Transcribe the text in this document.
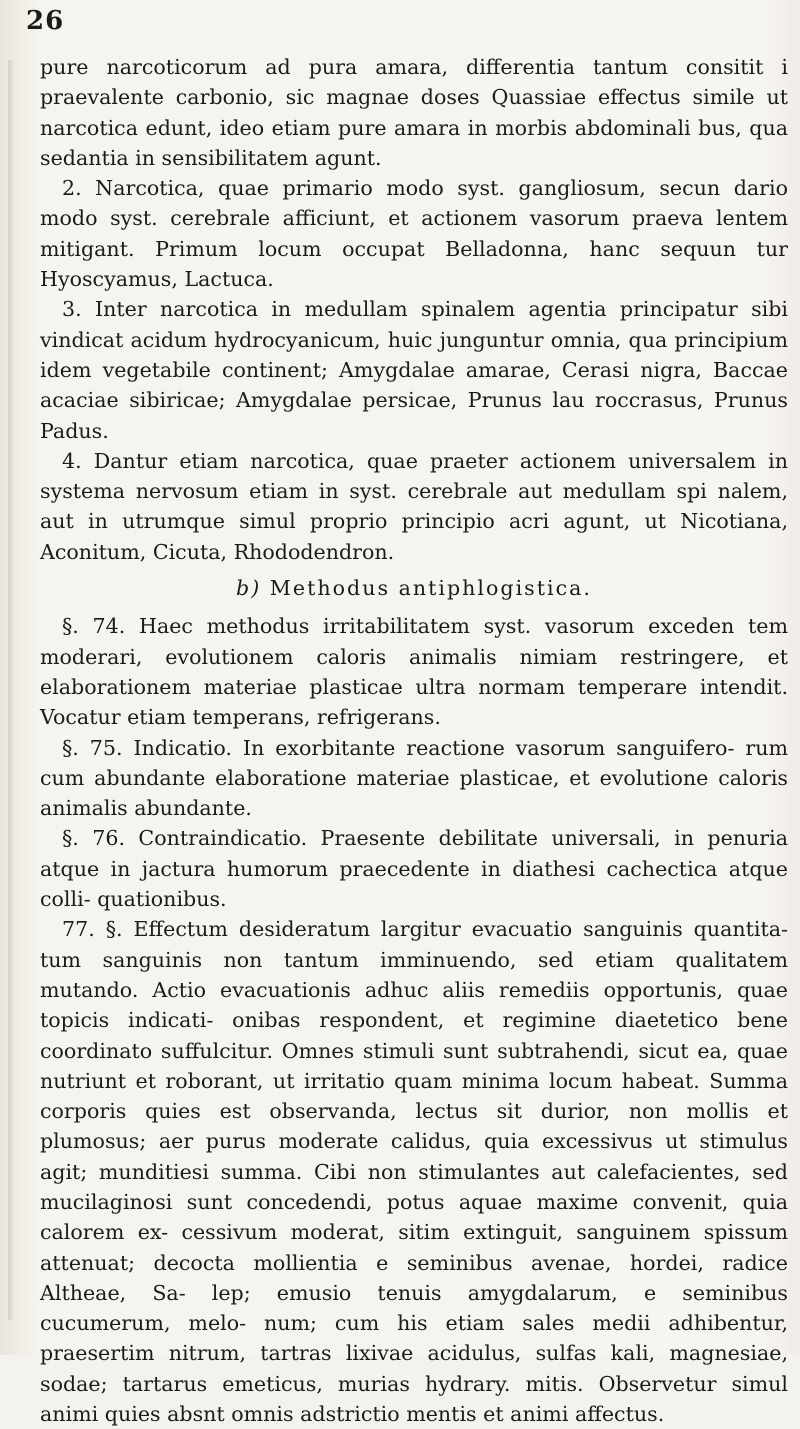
26

pure narcoticorum ad pura amara, differentia tantum consitit i praevalente carbonio, sic magnae doses Quassiae effectus simile ut narcotica edunt, ideo etiam pure amara in morbis abdominali bus, qua sedantia in sensibilitatem agunt.

2. Narcotica, quae primario modo syst. gangliosum, secun dario modo syst. cerebrale afficiunt, et actionem vasorum praeva lentem mitigant. Primum locum occupat Belladonna, hanc sequun tur Hyoscyamus, Lactuca.

3. Inter narcotica in medullam spinalem agentia principatur sibi vindicat acidum hydrocyanicum, huic junguntur omnia, qua principium idem vegetabile continent; Amygdalae amarae, Cerasi nigra, Baccae acaciae sibiricae; Amygdalae persicae, Prunus lau roccrasus, Prunus Padus.

4. Dantur etiam narcotica, quae praeter actionem universalem in systema nervosum etiam in syst. cerebrale aut medullam spi nalem, aut in utrumque simul proprio principio acri agunt, ut Nicotiana, Aconitum, Cicuta, Rhododendron.

b) Methodus antiphlogistica.

§. 74. Haec methodus irritabilitatem syst. vasorum exceden tem moderari, evolutionem caloris animalis nimiam restringere, et elaborationem materiae plasticae ultra normam temperare intendit. Vocatur etiam temperans, refrigerans.

§. 75. Indicatio. In exorbitante reactione vasorum sanguifero- rum cum abundante elaboratione materiae plasticae, et evolutione caloris animalis abundante.

§. 76. Contraindicatio. Praesente debilitate universali, in penuria atque in jactura humorum praecedente in diathesi cachectica atque colli- quationibus.

77. §. Effectum desideratum largitur evacuatio sanguinis quantita- tum sanguinis non tantum imminuendo, sed etiam qualitatem mutando. Actio evacuationis adhuc aliis remediis opportunis, quae topicis indicati- onibas respondent, et regimine diaetetico bene coordinato suffulcitur. Omnes stimuli sunt subtrahendi, sicut ea, quae nutriunt et roborant, ut irritatio quam minima locum habeat. Summa corporis quies est observanda, lectus sit durior, non mollis et plumosus; aer purus moderate calidus, quia excessivus ut stimulus agit; munditiesi summa. Cibi non stimulantes aut calefacientes, sed mucilaginosi sunt concedendi, potus aquae maxime convenit, quia calorem ex- cessivum moderat, sitim extinguit, sanguinem spissum attenuat; decocta mollientia e seminibus avenae, hordei, radice Altheae, Sa- lep; emusio tenuis amygdalarum, e seminibus cucumerum, melo- num; cum his etiam sales medii adhibentur, praesertim nitrum, tartras lixivae acidulus, sulfas kali, magnesiae, sodae; tartarus emeticus, murias hydrary. mitis. Observetur simul animi quies absnt omnis adstrictio mentis et animi affectus.
